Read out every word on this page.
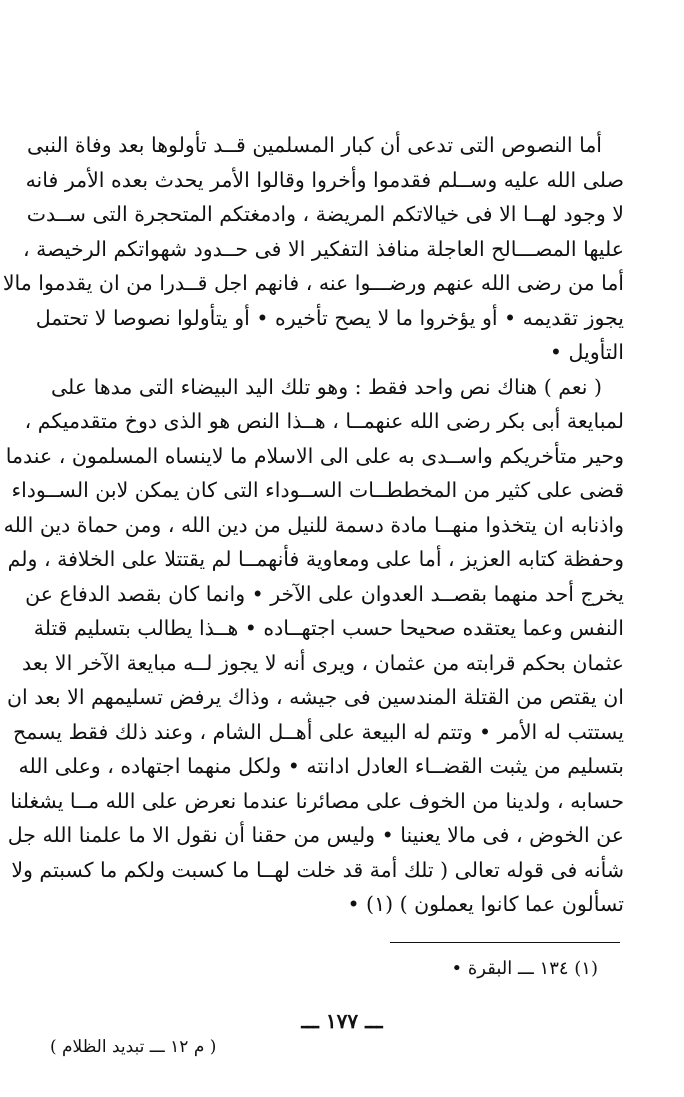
أما النصوص التى تدعى أن كبار المسلمين قــد تأولوها بعد وفاة النبى
صلى الله عليه وســلم فقدموا وأخروا وقالوا الأمر يحدث بعده الأمر فانه
لا وجود لهــا الا فى خيالاتكم المريضة ، وادمغتكم المتحجرة التى ســدت
عليها المصـــالح العاجلة منافذ التفكير الا فى حــدود شهواتكم الرخيصة ،
أما من رضى الله عنهم ورضـــوا عنه ، فانهم اجل قــدرا من ان يقدموا مالا
يجوز تقديمه • أو يؤخروا ما لا يصح تأخيره • أو يتأولوا نصوصا لا تحتمل
التأويل •
( نعم ) هناك نص واحد فقط : وهو تلك اليد البيضاء التى مدها على
لمبايعة أبى بكر رضى الله عنهمــا ، هــذا النص هو الذى دوخ متقدميكم ،
وحير متأخريكم واســدى به على الى الاسلام ما لاينساه المسلمون ، عندما
قضى على كثير من المخططــات الســوداء التى كان يمكن لابن الســوداء
واذنابه ان يتخذوا منهــا مادة دسمة للنيل من دين الله ، ومن حماة دين الله
وحفظة كتابه العزيز ، أما على ومعاوية فأنهمــا لم يقتتلا على الخلافة ، ولم
يخرج أحد منهما بقصــد العدوان على الآخر • وانما كان بقصد الدفاع عن
النفس وعما يعتقده صحيحا حسب اجتهــاده • هــذا يطالب بتسليم قتلة
عثمان بحكم قرابته من عثمان ، ويرى أنه لا يجوز لــه مبايعة الآخر الا بعد
ان يقتص من القتلة المندسين فى جيشه ، وذاك يرفض تسليمهم الا بعد ان
يستتب له الأمر • وتتم له البيعة على أهــل الشام ، وعند ذلك فقط يسمح
بتسليم من يثبت القضــاء العادل ادانته • ولكل منهما اجتهاده ، وعلى الله
حسابه ، ولدينا من الخوف على مصائرنا عندما نعرض على الله مــا يشغلنا
عن الخوض ، فى مالا يعنينا • وليس من حقنا أن نقول الا ما علمنا الله جل
شأنه فى قوله تعالى ( تلك أمة قد خلت لهــا ما كسبت ولكم ما كسبتم ولا
تسألون عما كانوا يعملون ) (١) •
(١) ١٣٤ ـــ البقرة •
ـــ ١٧٧ ـــ
( م ١٢ ـــ تبديد الظلام )
